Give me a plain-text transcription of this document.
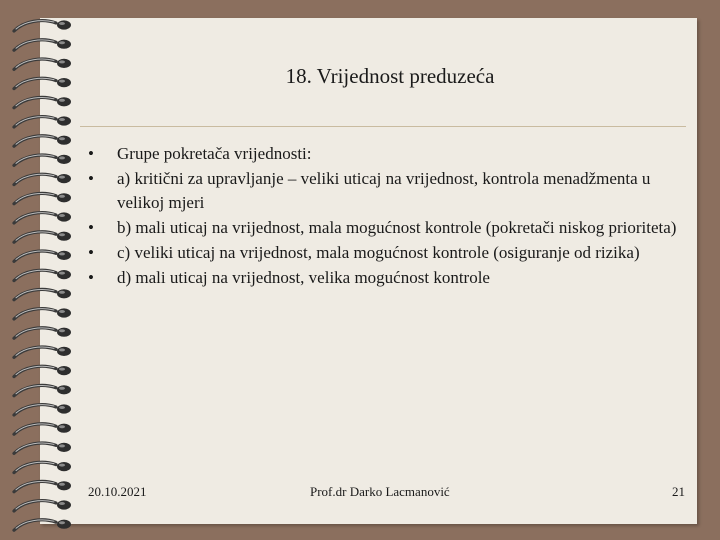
18. Vrijednost preduzeća
• Grupe pokretača vrijednosti:
• a) kritični za upravljanje – veliki uticaj na vrijednost, kontrola menadžmenta u velikoj mjeri
• b) mali uticaj na vrijednost, mala mogućnost kontrole (pokretači niskog prioriteta)
• c) veliki uticaj na vrijednost, mala mogućnost kontrole (osiguranje od rizika)
• d) mali uticaj na vrijednost, velika mogućnost kontrole
20.10.2021	Prof.dr Darko Lacmanović	21
